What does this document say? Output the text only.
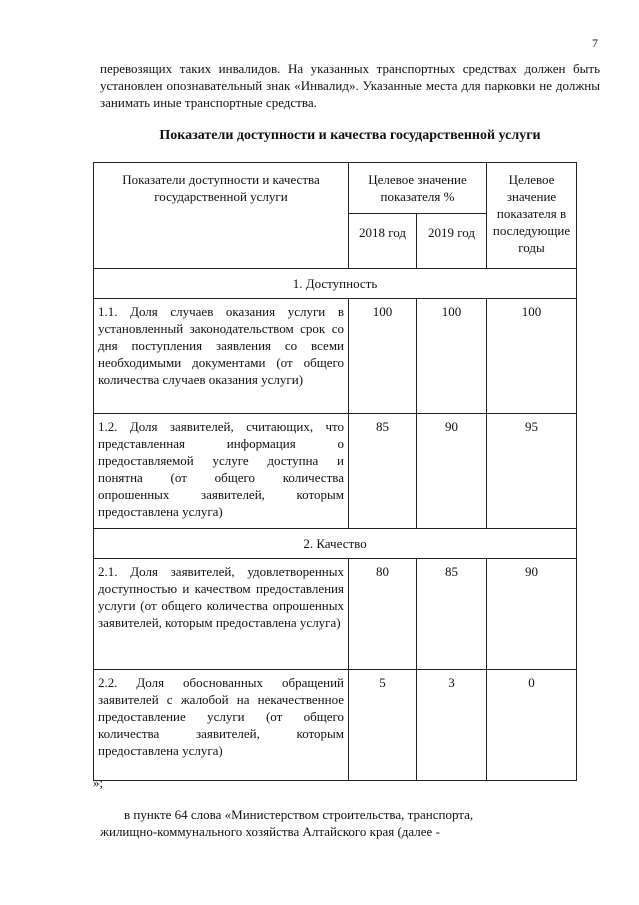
7
перевозящих таких инвалидов. На указанных транспортных средствах должен быть установлен опознавательный знак «Инвалид». Указанные места для парковки не должны занимать иные транспортные средства.
Показатели доступности и качества государственной услуги
Показатели доступности и качества государственной услуги	Целевое значение показателя %		Целевое значение показателя в последующие годы
	2018 год	2019 год	
1. Доступность			
1.1. Доля случаев оказания услуги в установленный законодательством срок со дня поступления заявления со всеми необходимыми документами (от общего количества случаев оказания услуги)	100	100	100
1.2. Доля заявителей, считающих, что представленная информация о предоставляемой услуге доступна и понятна (от общего количества опрошенных заявителей, которым предоставлена услуга)	85	90	95
2. Качество			
2.1. Доля заявителей, удовлетворенных доступностью и качеством предоставления услуги (от общего количества опрошенных заявителей, которым предоставлена услуга)	80	85	90
2.2. Доля обоснованных обращений заявителей с жалобой на некачественное предоставление услуги (от общего количества заявителей, которым предоставлена услуга)	5	3	0
»;
в пункте 64 слова «Министерством строительства, транспорта,
жилищно-коммунального хозяйства Алтайского края (далее -
